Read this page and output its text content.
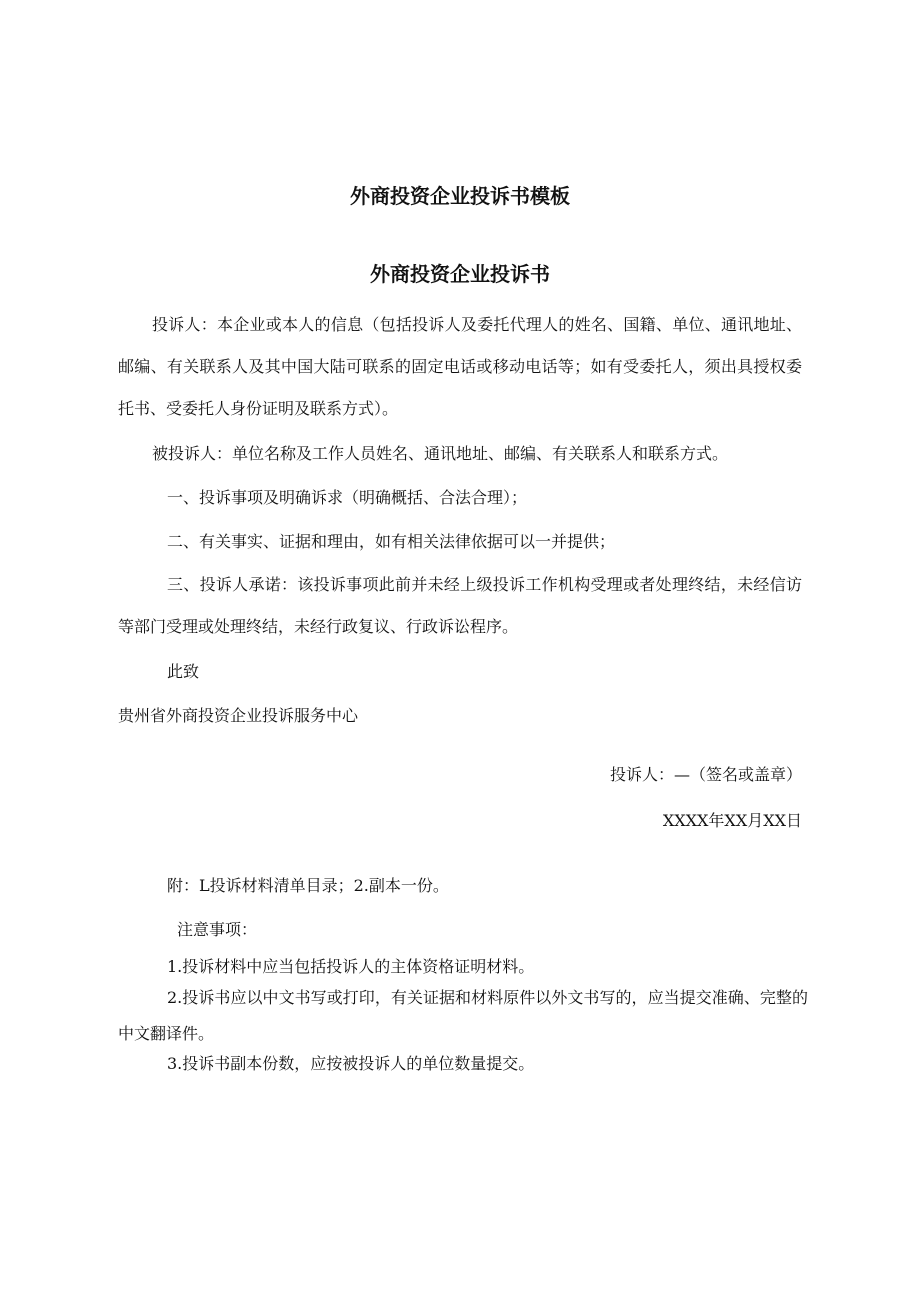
外商投资企业投诉书模板
外商投资企业投诉书

投诉人：本企业或本人的信息（包括投诉人及委托代理人的姓名、国籍、单位、通讯地址、邮编、有关联系人及其中国大陆可联系的固定电话或移动电话等；如有受委托人，须出具授权委托书、受委托人身份证明及联系方式）。

被投诉人：单位名称及工作人员姓名、通讯地址、邮编、有关联系人和联系方式。

一、投诉事项及明确诉求（明确概括、合法合理）；

二、有关事实、证据和理由，如有相关法律依据可以一并提供；

三、投诉人承诺：该投诉事项此前并未经上级投诉工作机构受理或者处理终结，未经信访等部门受理或处理终结，未经行政复议、行政诉讼程序。

此致

贵州省外商投资企业投诉服务中心

投诉人：—（签名或盖章）

XXXX年XX月XX日

附：L投诉材料清单目录；2.副本一份。

注意事项：

1.投诉材料中应当包括投诉人的主体资格证明材料。

2.投诉书应以中文书写或打印，有关证据和材料原件以外文书写的，应当提交准确、完整的中文翻译件。

3.投诉书副本份数，应按被投诉人的单位数量提交。
